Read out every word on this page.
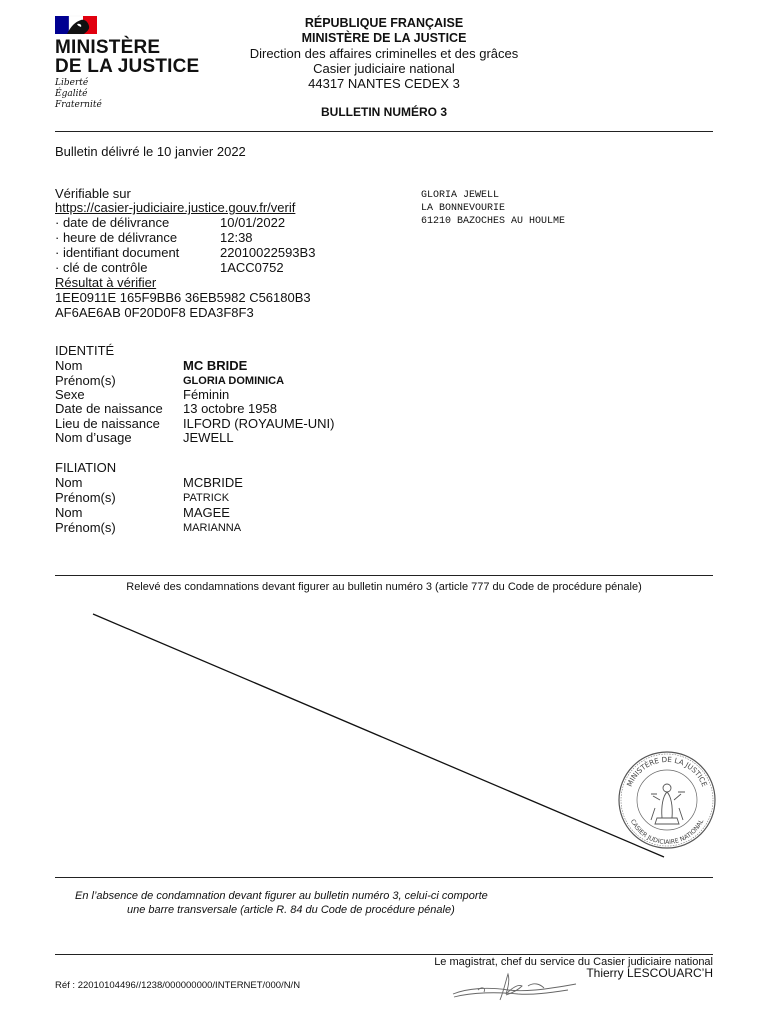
MINISTÈRE
DE LA JUSTICE
Liberté
Égalité
Fraternité
RÉPUBLIQUE FRANÇAISE
MINISTÈRE DE LA JUSTICE
Direction des affaires criminelles et des grâces
Casier judiciaire national
44317 NANTES CEDEX 3
BULLETIN NUMÉRO 3
Bulletin délivré le 10 janvier 2022
Vérifiable sur
https://casier-judiciaire.justice.gouv.fr/verif
· date de délivrance	10/01/2022
· heure de délivrance	12:38
· identifiant document	22010022593B3
· clé de contrôle	1ACC0752
Résultat à vérifier
1EE0911E 165F9BB6 36EB5982 C56180B3
AF6AE6AB 0F20D0F8 EDA3F8F3
GLORIA JEWELL
LA BONNEVOURIE
61210 BAZOCHES AU HOULME
IDENTITÉ
Nom	MC BRIDE
Prénom(s)	GLORIA DOMINICA
Sexe	Féminin
Date de naissance 13 octobre 1958
Lieu de naissance ILFORD (ROYAUME-UNI)
Nom d’usage	JEWELL
FILIATION
Nom	MCBRIDE
Prénom(s)	PATRICK
Nom	MAGEE
Prénom(s)	MARIANNA
Relevé des condamnations devant figurer au bulletin numéro 3 (article 777 du Code de procédure pénale)
MINISTÈRE DE LA JUSTICE
CASIER JUDICIAIRE NATIONAL
En l’absence de condamnation devant figurer au bulletin numéro 3, celui-ci comporte
une barre transversale (article R. 84 du Code de procédure pénale)
Le magistrat, chef du service du Casier judiciaire national
Thierry LESCOUARC’H
Réf : 22010104496//1238/000000000/INTERNET/000/N/N
